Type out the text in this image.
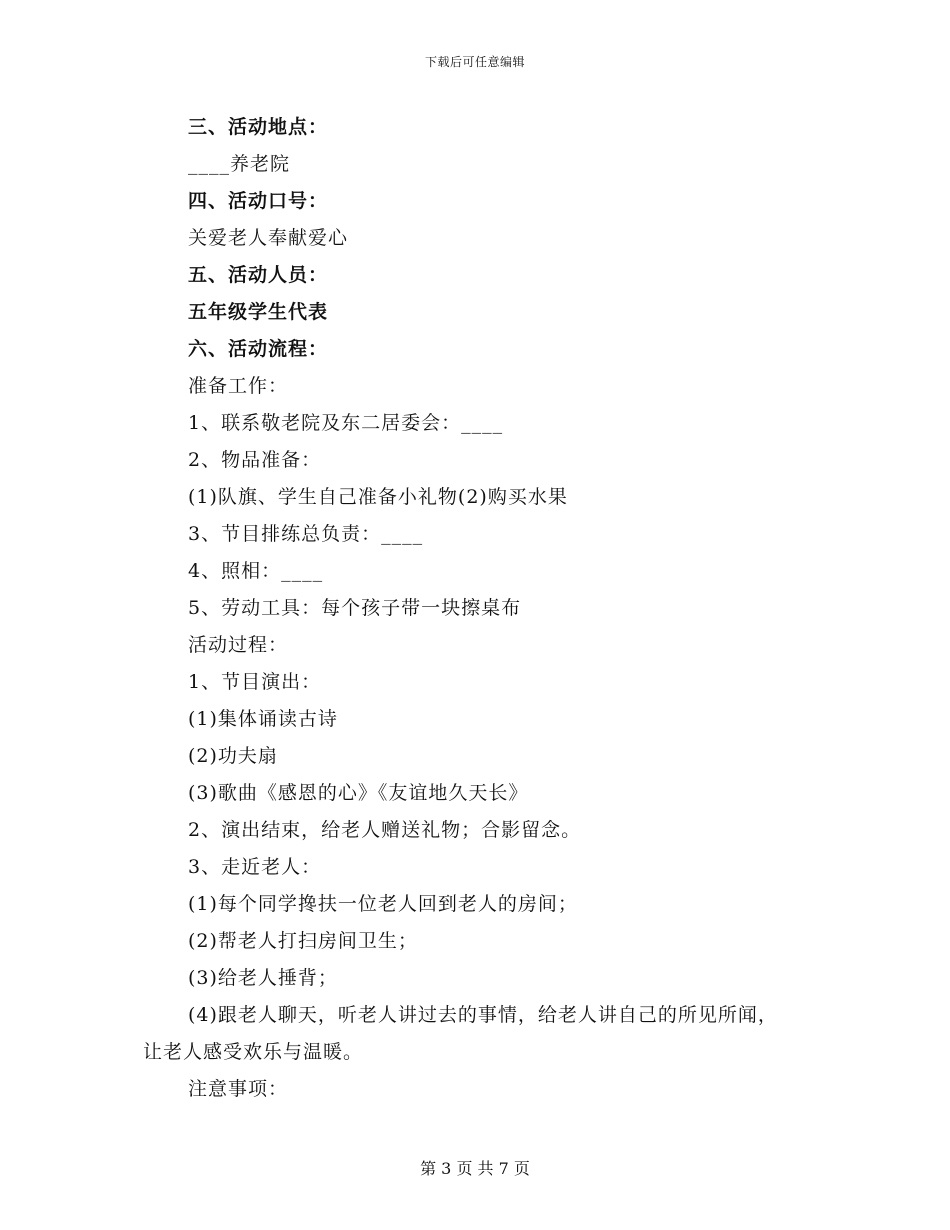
下载后可任意编辑
三、活动地点：
____养老院
四、活动口号：
关爱老人奉献爱心
五、活动人员：
五年级学生代表
六、活动流程：
准备工作：
1、联系敬老院及东二居委会：____
2、物品准备：
(1)队旗、学生自己准备小礼物(2)购买水果
3、节目排练总负责：____
4、照相：____
5、劳动工具：每个孩子带一块擦桌布
活动过程：
1、节目演出：
(1)集体诵读古诗
(2)功夫扇
(3)歌曲《感恩的心》《友谊地久天长》
2、演出结束，给老人赠送礼物；合影留念。
3、走近老人：
(1)每个同学搀扶一位老人回到老人的房间；
(2)帮老人打扫房间卫生；
(3)给老人捶背；
(4)跟老人聊天，听老人讲过去的事情，给老人讲自己的所见所闻，
让老人感受欢乐与温暖。
注意事项：
第 3 页 共 7 页
